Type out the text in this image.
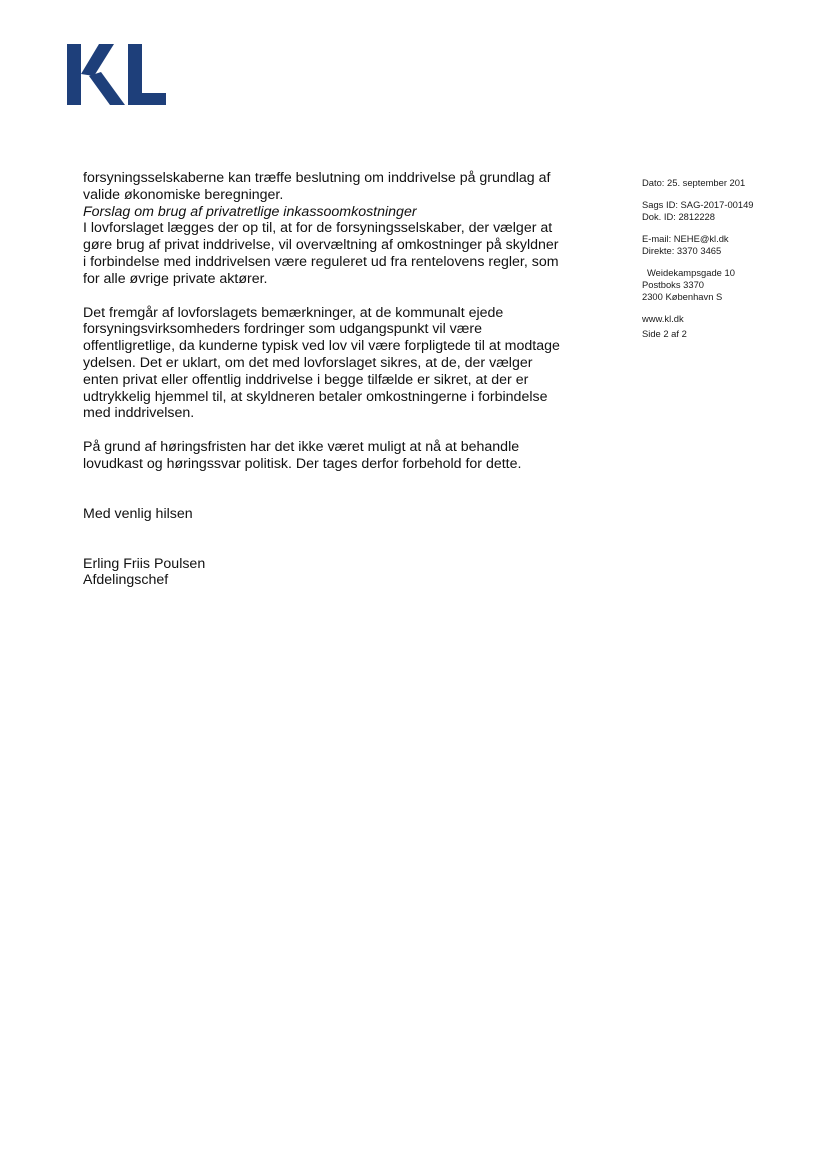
forsyningsselskaberne kan træffe beslutning om inddrivelse på grundlag af valide økonomiske beregninger.

Forslag om brug af privatretlige inkassoomkostninger

I lovforslaget lægges der op til, at for de forsyningsselskaber, der vælger at gøre brug af privat inddrivelse, vil overvæltning af omkostninger på skyldner i forbindelse med inddrivelsen være reguleret ud fra rentelovens regler, som for alle øvrige private aktører.

Det fremgår af lovforslagets bemærkninger, at de kommunalt ejede forsyningsvirksomheders fordringer som udgangspunkt vil være offentligretlige, da kunderne typisk ved lov vil være forpligtede til at modtage ydelsen. Det er uklart, om det med lovforslaget sikres, at de, der vælger enten privat eller offentlig inddrivelse i begge tilfælde er sikret, at der er udtrykkelig hjemmel til, at skyldneren betaler omkostningerne i forbindelse med inddrivelsen.

På grund af høringsfristen har det ikke været muligt at nå at behandle lovudkast og høringssvar politisk. Der tages derfor forbehold for dette.

Med venlig hilsen

Erling Friis Poulsen

Afdelingschef

Dato: 25. september 201
Sags ID: SAG-2017-00149
Dok. ID: 2812228
E-mail: NEHE@kl.dk
Direkte: 3370 3465
Weidekampsgade 10
Postboks 3370
2300 København S
www.kl.dk
Side 2 af 2
